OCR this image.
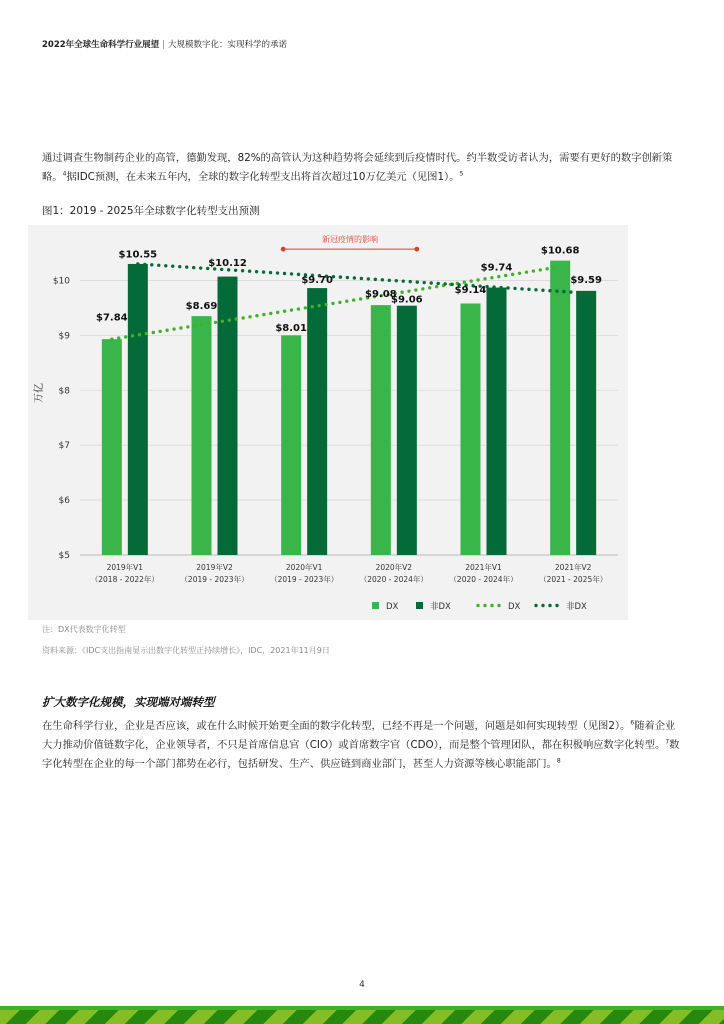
2022年全球生命科学行业展望 | 大规模数字化：实现科学的承诺
通过调查生物制药企业的高管，德勤发现，82%的高管认为这种趋势将会延续到后疫情时代。约半数受访者认为，需要有更好的数字创新策略。$^4$据IDC预测，在未来五年内，全球的数字化转型支出将首次超过10万亿美元（见图1）。$^5$
图1：2019 - 2025年全球数字化转型支出预测
$5
$6
$7
$8
$9
$10
万亿
$7.84
$10.55
$8.69
$10.12
$8.01
$9.70
$9.08
$9.06
$9.14
$9.74
$10.68
$9.59
新冠疫情的影响
2019年V1
（2018 - 2022年）
2019年V2
（2019 - 2023年）
2020年V1
（2019 - 2023年）
2020年V2
（2020 - 2024年）
2021年V1
（2020 - 2024年）
2021年V2
（2021 - 2025年）
DX	非DX	DX	非DX
注：DX代表数字化转型
资料来源：《IDC支出指南显示出数字化转型正持续增长》，IDC，2021年11月9日
扩大数字化规模，实现端对端转型
在生命科学行业，企业是否应该，或在什么时候开始更全面的数字化转型，已经不再是一个问题，问题是如何实现转型（见图2）。$^6$随着企业大力推动价值链数字化，企业领导者，不只是首席信息官（CIO）或首席数字官（CDO），而是整个管理团队，都在积极响应数字化转型。$^7$数字化转型在企业的每一个部门都势在必行，包括研发、生产、供应链到商业部门，甚至人力资源等核心职能部门。$^8$
4
